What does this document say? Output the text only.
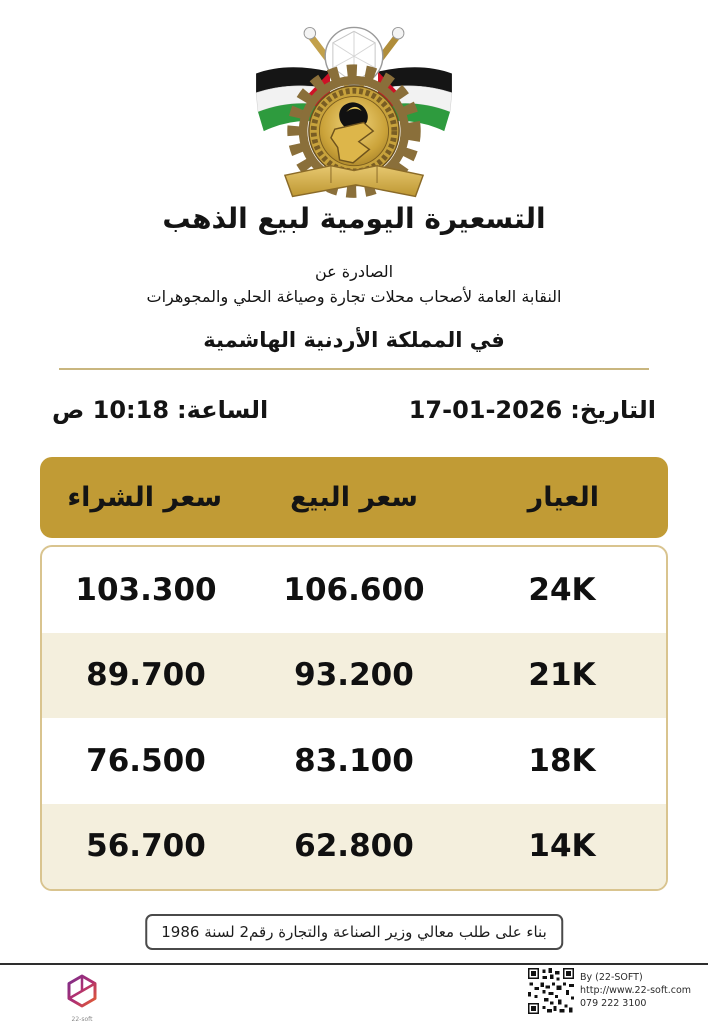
التسعيرة اليومية لبيع الذهب
الصادرة عن
النقابة العامة لأصحاب محلات تجارة وصياغة الحلي والمجوهرات
في المملكة الأردنية الهاشمية
التاريخ:
17-01-2026
الساعة:
10:18 ص
العيار
سعر البيع
سعر الشراء
24K
106.600
103.300
21K
93.200
89.700
18K
83.100
76.500
14K
62.800
56.700
بناء على طلب معالي وزير الصناعة والتجارة رقم2 لسنة 1986
22-soft
By (22-SOFT)
http://www.22-soft.com
079 222 3100
